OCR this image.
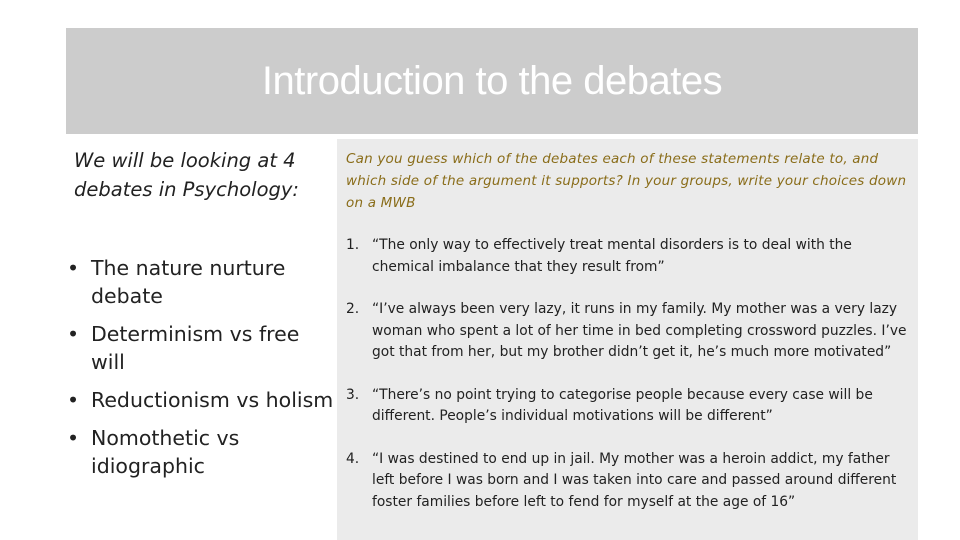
Introduction to the debates

We will be looking at 4 debates in Psychology:

• The nature nurture debate
• Determinism vs free will
• Reductionism vs holism
• Nomothetic vs idiographic

Can you guess which of the debates each of these statements relate to, and which side of the argument it supports? In your groups, write your choices down on a MWB

1. “The only way to effectively treat mental disorders is to deal with the chemical imbalance that they result from”
2. “I’ve always been very lazy, it runs in my family. My mother was a very lazy woman who spent a lot of her time in bed completing crossword puzzles. I’ve got that from her, but my brother didn’t get it, he’s much more motivated”
3. “There’s no point trying to categorise people because every case will be different. People’s individual motivations will be different”
4. “I was destined to end up in jail. My mother was a heroin addict, my father left before I was born and I was taken into care and passed around different foster families before left to fend for myself at the age of 16”
